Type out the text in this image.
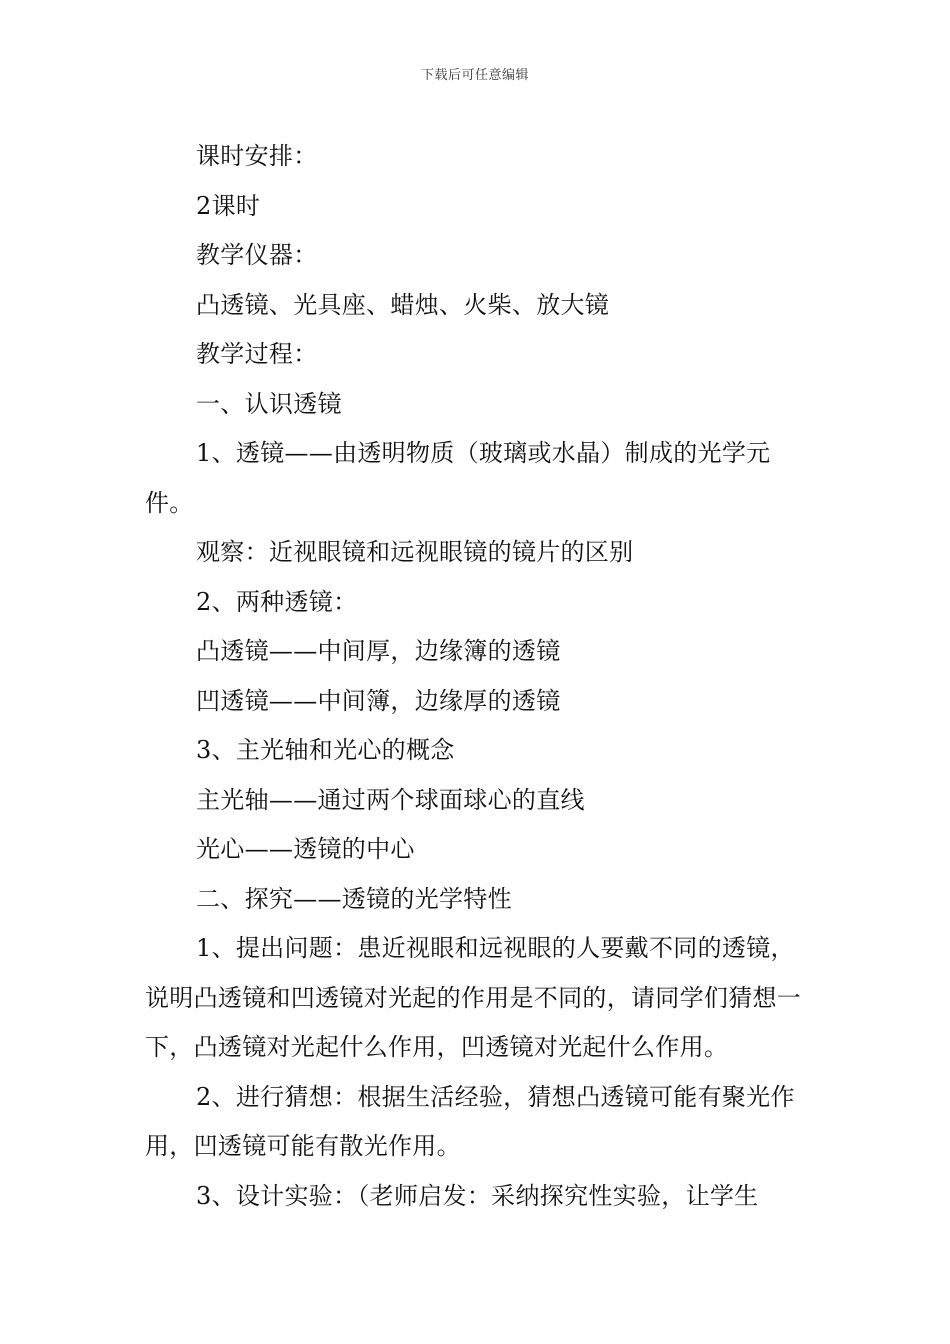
下载后可任意编辑

课时安排：

2课时

教学仪器：

凸透镜、光具座、蜡烛、火柴、放大镜

教学过程：

一、认识透镜

1、透镜——由透明物质（玻璃或水晶）制成的光学元件。

观察：近视眼镜和远视眼镜的镜片的区别

2、两种透镜：

凸透镜——中间厚，边缘簿的透镜

凹透镜——中间簿，边缘厚的透镜

3、主光轴和光心的概念

主光轴——通过两个球面球心的直线

光心——透镜的中心

二、探究——透镜的光学特性

1、提出问题：患近视眼和远视眼的人要戴不同的透镜，说明凸透镜和凹透镜对光起的作用是不同的，请同学们猜想一下，凸透镜对光起什么作用，凹透镜对光起什么作用。

2、进行猜想：根据生活经验，猜想凸透镜可能有聚光作用，凹透镜可能有散光作用。

3、设计实验：（老师启发：采纳探究性实验，让学生
